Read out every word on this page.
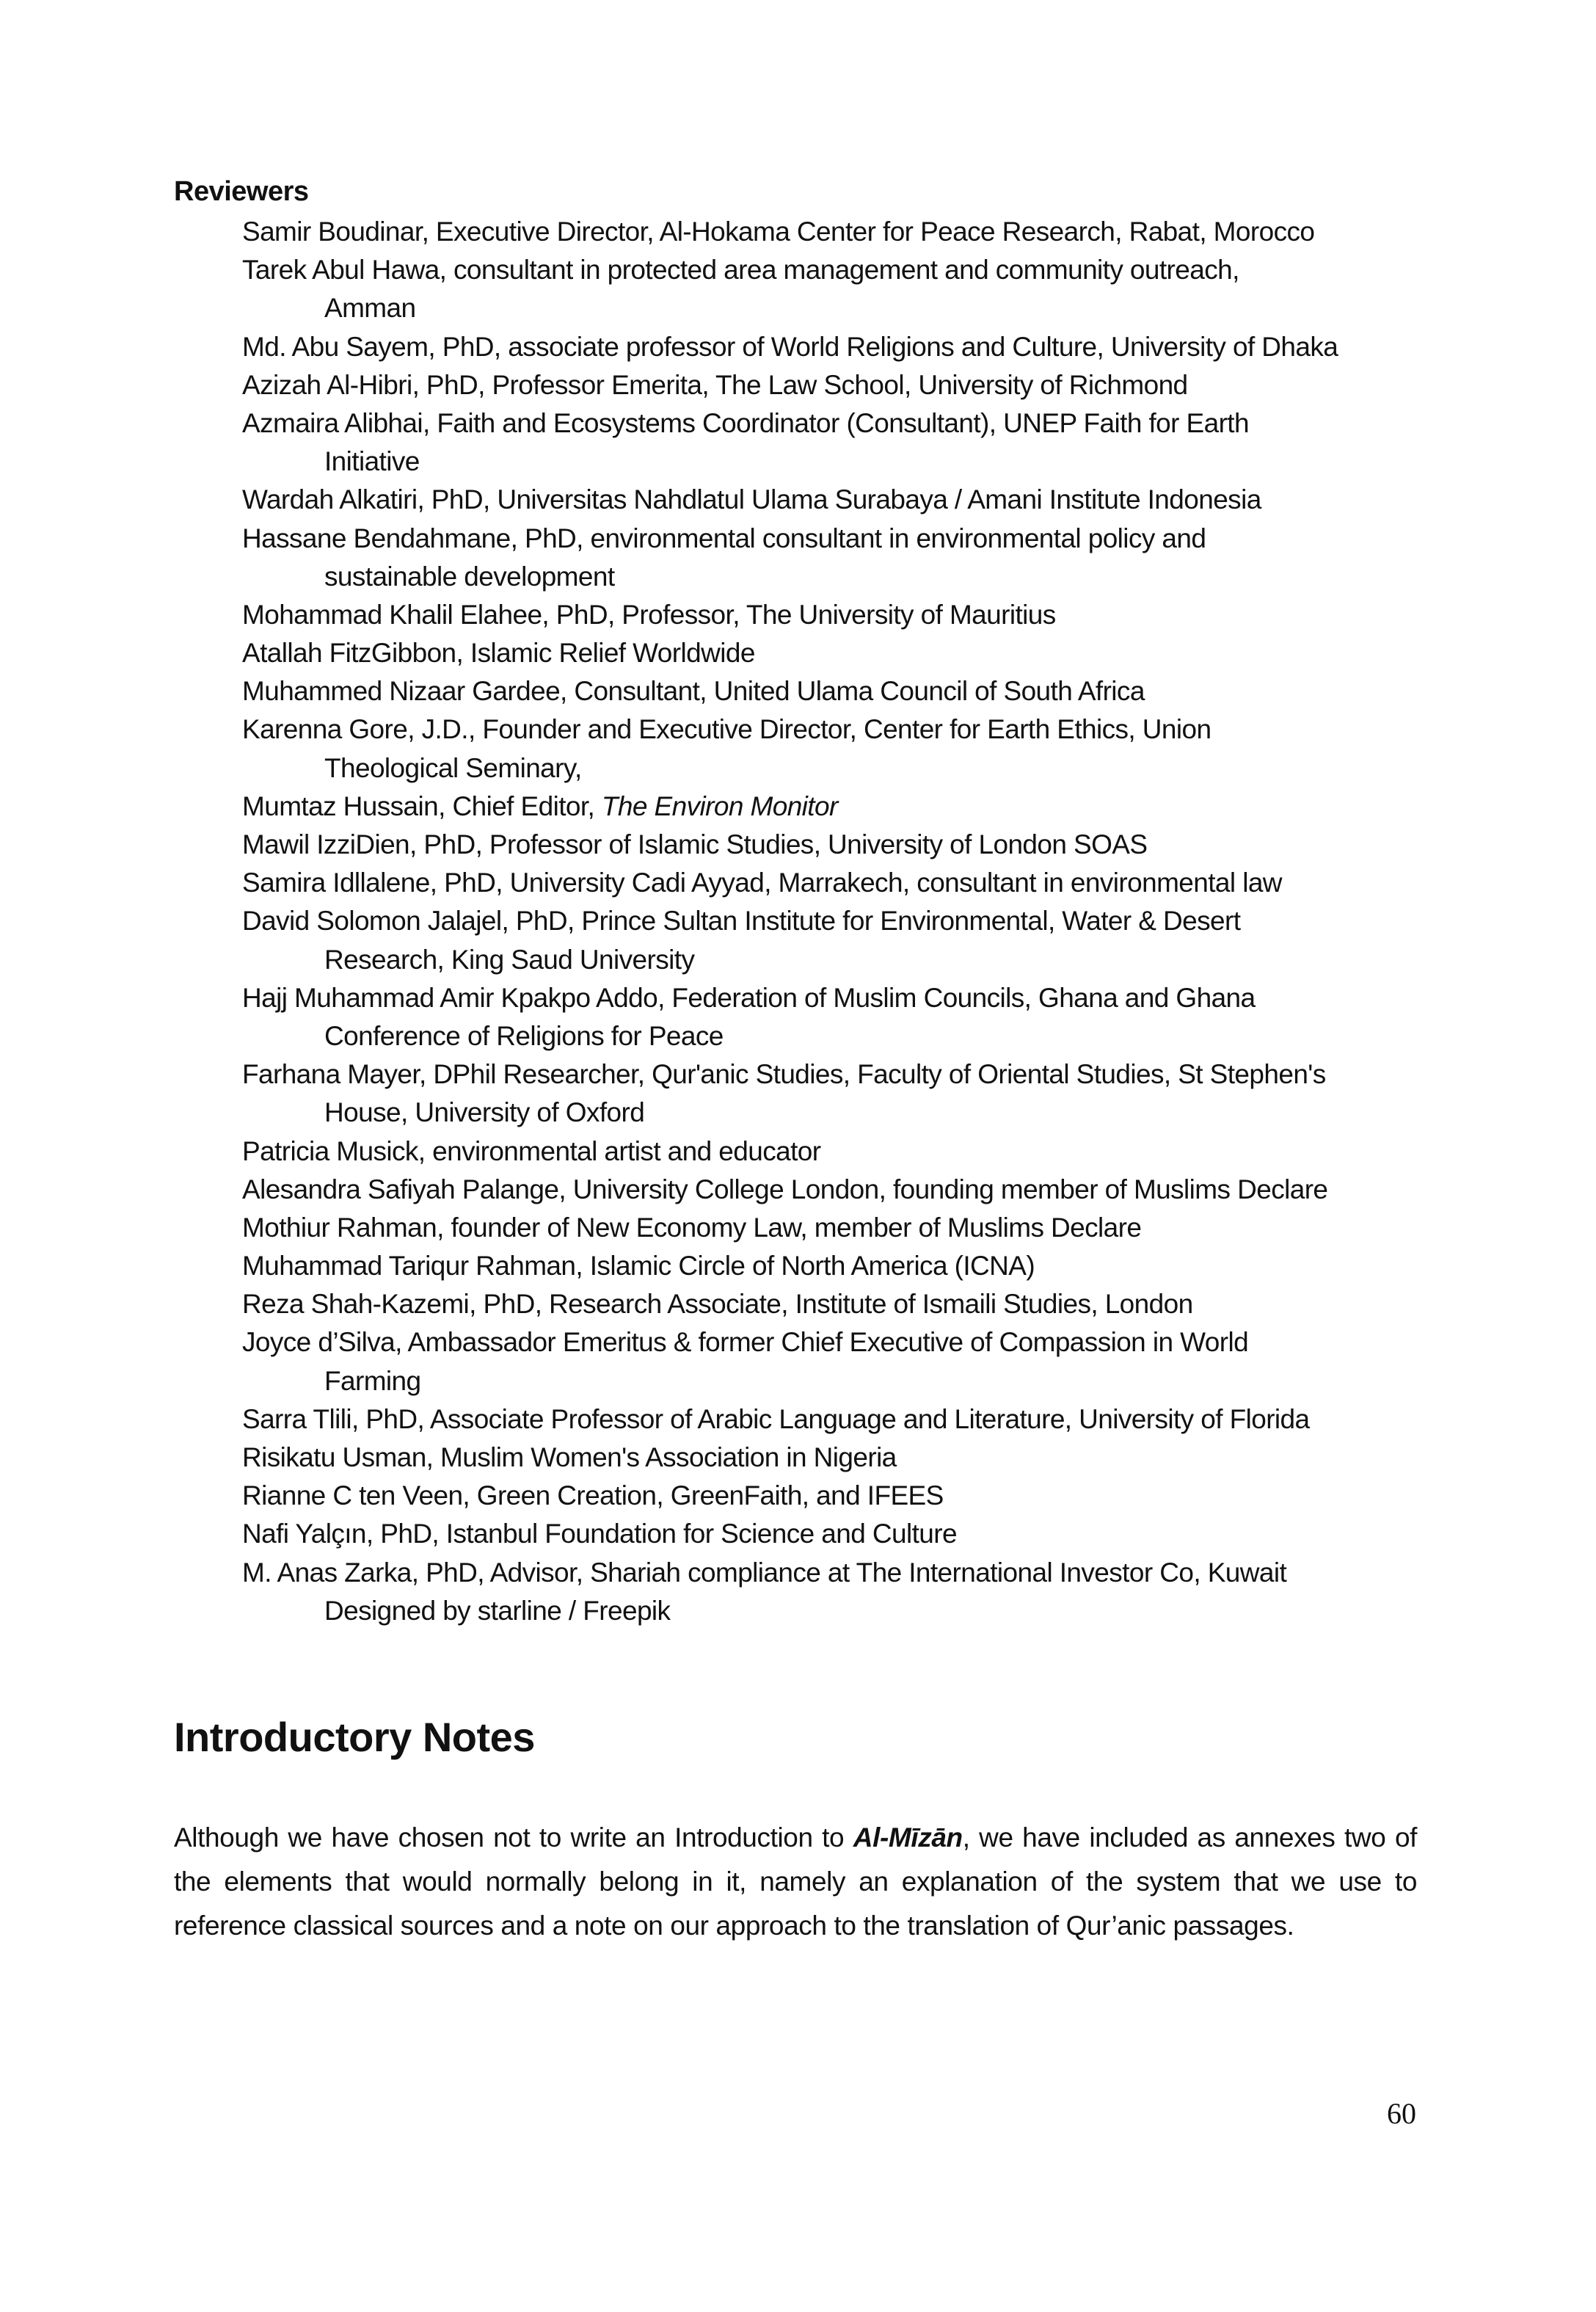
Reviewers
Samir Boudinar, Executive Director, Al-Hokama Center for Peace Research, Rabat, Morocco
Tarek Abul Hawa, consultant in protected area management and community outreach,
Amman
Md. Abu Sayem, PhD, associate professor of World Religions and Culture, University of Dhaka
Azizah Al-Hibri, PhD, Professor Emerita, The Law School, University of Richmond
Azmaira Alibhai, Faith and Ecosystems Coordinator (Consultant), UNEP Faith for Earth
Initiative
Wardah Alkatiri, PhD, Universitas Nahdlatul Ulama Surabaya / Amani Institute Indonesia
Hassane Bendahmane, PhD, environmental consultant in environmental policy and
sustainable development
Mohammad Khalil Elahee, PhD, Professor, The University of Mauritius
Atallah FitzGibbon, Islamic Relief Worldwide
Muhammed Nizaar Gardee, Consultant, United Ulama Council of South Africa
Karenna Gore, J.D., Founder and Executive Director, Center for Earth Ethics, Union
Theological Seminary,
Mumtaz Hussain, Chief Editor, The Environ Monitor
Mawil IzziDien, PhD, Professor of Islamic Studies, University of London SOAS
Samira Idllalene, PhD, University Cadi Ayyad, Marrakech, consultant in environmental law
David Solomon Jalajel, PhD, Prince Sultan Institute for Environmental, Water & Desert
Research, King Saud University
Hajj Muhammad Amir Kpakpo Addo, Federation of Muslim Councils, Ghana and Ghana
Conference of Religions for Peace
Farhana Mayer, DPhil Researcher, Qur'anic Studies, Faculty of Oriental Studies, St Stephen's
House, University of Oxford
Patricia Musick, environmental artist and educator
Alesandra Safiyah Palange, University College London, founding member of Muslims Declare
Mothiur Rahman, founder of New Economy Law, member of Muslims Declare
Muhammad Tariqur Rahman, Islamic Circle of North America (ICNA)
Reza Shah-Kazemi, PhD, Research Associate, Institute of Ismaili Studies, London
Joyce d’Silva, Ambassador Emeritus & former Chief Executive of Compassion in World
Farming
Sarra Tlili, PhD, Associate Professor of Arabic Language and Literature, University of Florida
Risikatu Usman, Muslim Women's Association in Nigeria
Rianne C ten Veen, Green Creation, GreenFaith, and IFEES
Nafi Yalçın, PhD, Istanbul Foundation for Science and Culture
M. Anas Zarka, PhD, Advisor, Shariah compliance at The International Investor Co, Kuwait
Designed by starline / Freepik
Introductory Notes

Although we have chosen not to write an Introduction to Al-Mīzān, we have included as annexes two of the elements that would normally belong in it, namely an explanation of the system that we use to reference classical sources and a note on our approach to the translation of Qur’anic passages.

60
